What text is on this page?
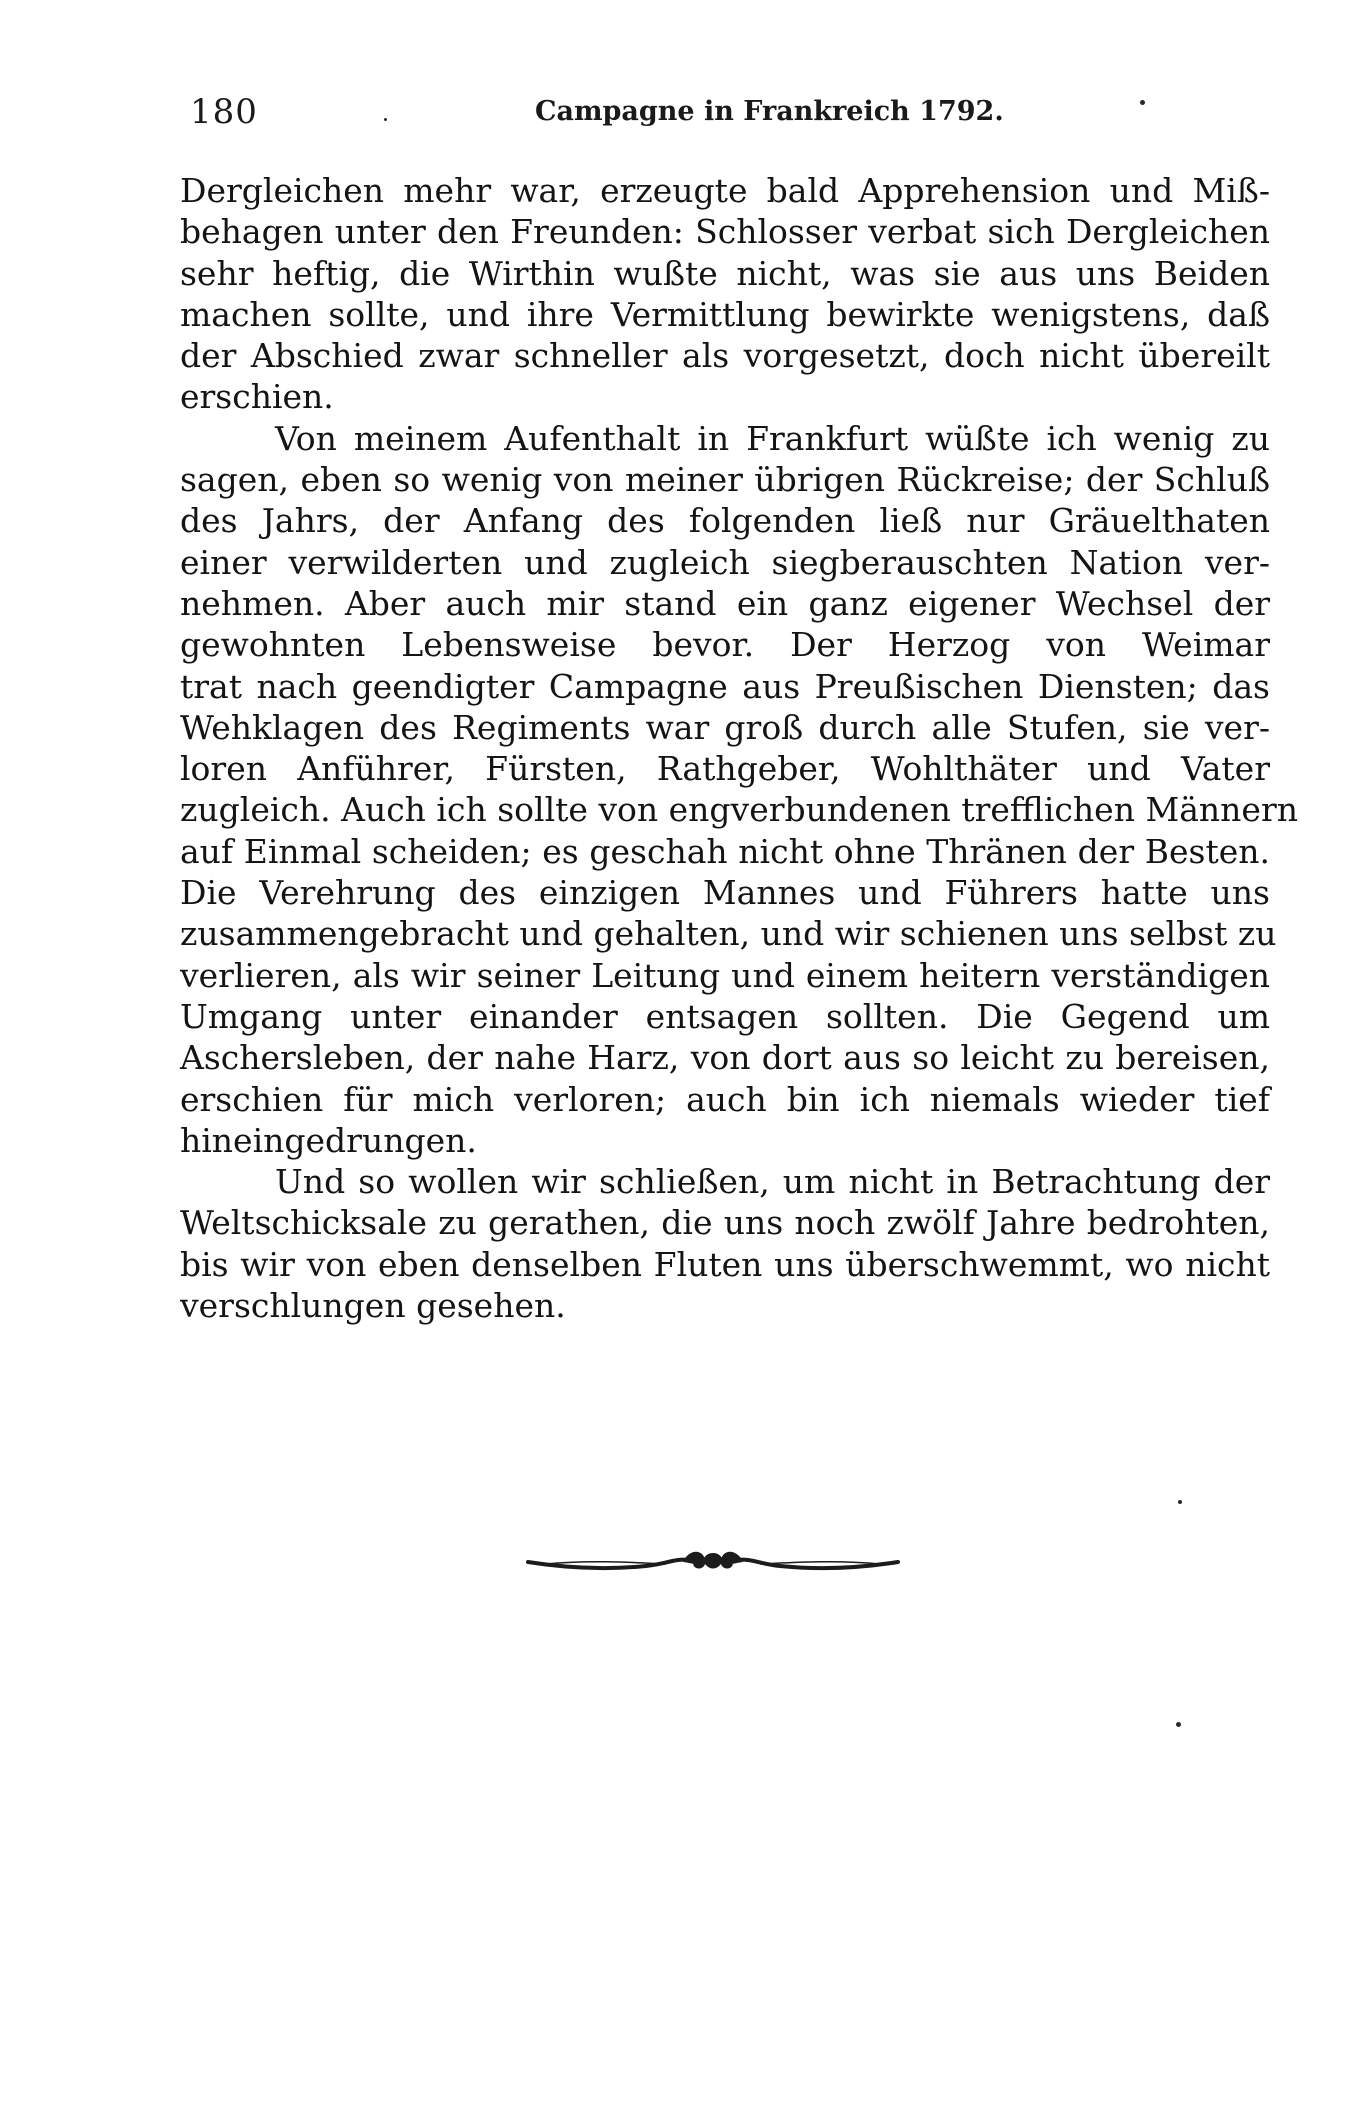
180	Campagne in Frankreich 1792.
Dergleichen mehr war, erzeugte bald Apprehension und Miß-
behagen unter den Freunden: Schlosser verbat sich Dergleichen
sehr heftig, die Wirthin wußte nicht, was sie aus uns Beiden
machen sollte, und ihre Vermittlung bewirkte wenigstens, daß
der Abschied zwar schneller als vorgesetzt, doch nicht übereilt
erschien.
Von meinem Aufenthalt in Frankfurt wüßte ich wenig zu
sagen, eben so wenig von meiner übrigen Rückreise; der Schluß
des Jahrs, der Anfang des folgenden ließ nur Gräuelthaten
einer verwilderten und zugleich siegberauschten Nation ver-
nehmen. Aber auch mir stand ein ganz eigener Wechsel der
gewohnten Lebensweise bevor. Der Herzog von Weimar
trat nach geendigter Campagne aus Preußischen Diensten; das
Wehklagen des Regiments war groß durch alle Stufen, sie ver-
loren Anführer, Fürsten, Rathgeber, Wohlthäter und Vater
zugleich. Auch ich sollte von engverbundenen trefflichen Männern
auf Einmal scheiden; es geschah nicht ohne Thränen der Besten.
Die Verehrung des einzigen Mannes und Führers hatte uns
zusammengebracht und gehalten, und wir schienen uns selbst zu
verlieren, als wir seiner Leitung und einem heitern verständigen
Umgang unter einander entsagen sollten. Die Gegend um
Aschersleben, der nahe Harz, von dort aus so leicht zu bereisen,
erschien für mich verloren; auch bin ich niemals wieder tief
hineingedrungen.
Und so wollen wir schließen, um nicht in Betrachtung der
Weltschicksale zu gerathen, die uns noch zwölf Jahre bedrohten,
bis wir von eben denselben Fluten uns überschwemmt, wo nicht
verschlungen gesehen.
